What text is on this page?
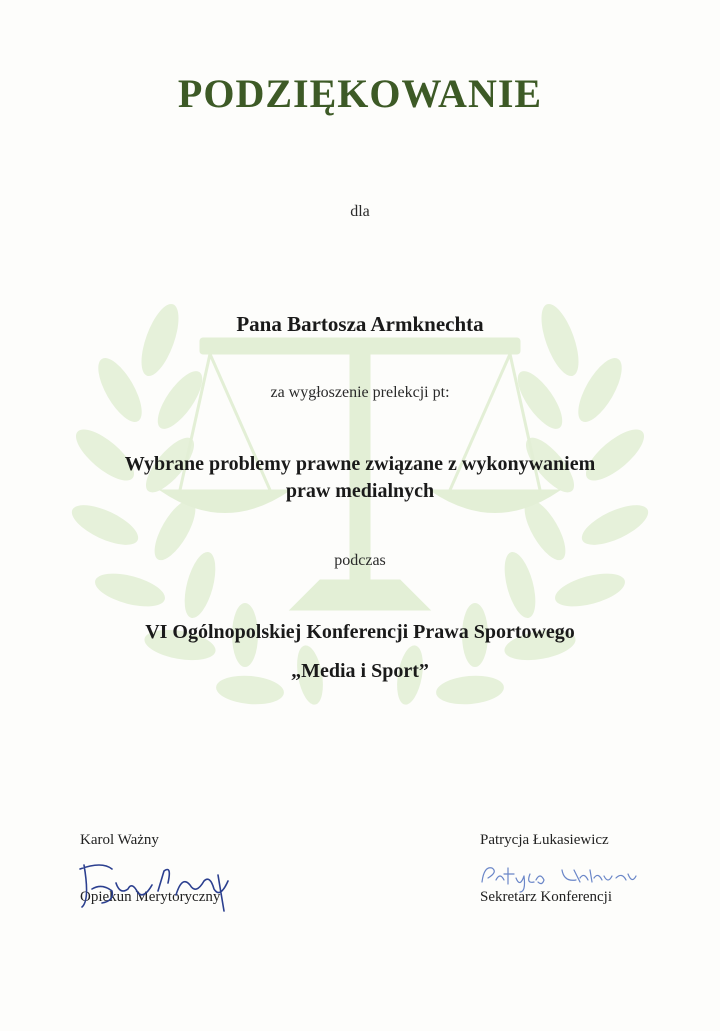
PODZIĘKOWANIE

dla

Pana Bartosza Armknechta

za wygłoszenie prelekcji pt:

Wybrane problemy prawne związane z wykonywaniem

praw medialnych

podczas

VI Ogólnopolskiej Konferencji Prawa Sportowego

„Media i Sport”

Karol Ważny
Opiekun Merytoryczny
Patrycja Łukasiewicz
Sekretarz Konferencji
